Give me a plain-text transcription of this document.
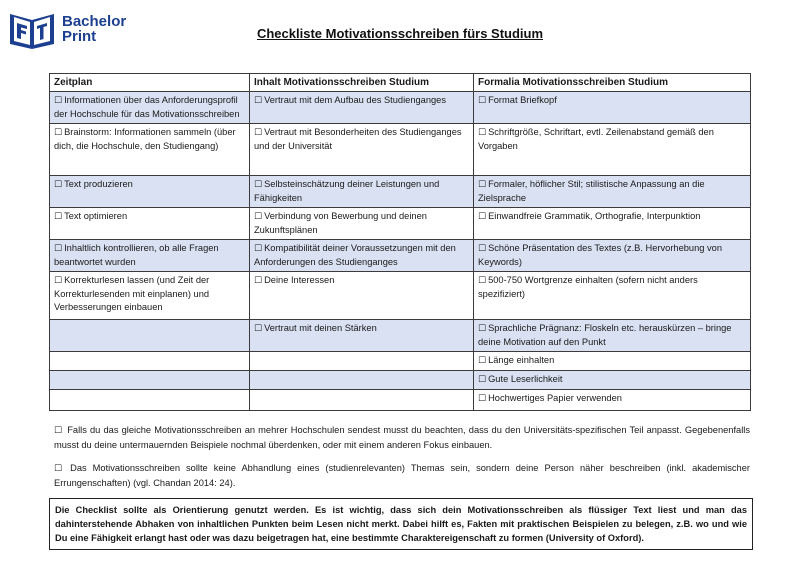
Bachelor
Print	Checkliste Motivationsschreiben fürs Studium
Zeitplan	Inhalt Motivationsschreiben Studium	Formalia Motivationsschreiben Studium
☐ Informationen über das Anforderungsprofil der Hochschule für das Motivationsschreiben	☐ Vertraut mit dem Aufbau des Studienganges	☐ Format Briefkopf
☐ Brainstorm: Informationen sammeln (über dich, die Hochschule, den Studiengang)	☐ Vertraut mit Besonderheiten des Studienganges und der Universität	☐ Schriftgröße, Schriftart, evtl. Zeilenabstand gemäß den Vorgaben
☐ Text produzieren	☐ Selbsteinschätzung deiner Leistungen und Fähigkeiten	☐ Formaler, höflicher Stil; stilistische Anpassung an die Zielsprache
☐ Text optimieren	☐ Verbindung von Bewerbung und deinen Zukunftsplänen	☐ Einwandfreie Grammatik, Orthografie, Interpunktion
☐ Inhaltlich kontrollieren, ob alle Fragen beantwortet wurden	☐ Kompatibilität deiner Voraussetzungen mit den Anforderungen des Studienganges	☐ Schöne Präsentation des Textes (z.B. Hervorhebung von Keywords)
☐ Korrekturlesen lassen (und Zeit der Korrekturlesenden mit einplanen) und Verbesserungen einbauen	☐ Deine Interessen	☐ 500-750 Wortgrenze einhalten (sofern nicht anders spezifiziert)
	☐ Vertraut mit deinen Stärken	☐ Sprachliche Prägnanz: Floskeln etc. herauskürzen – bringe deine Motivation auf den Punkt
		☐ Länge einhalten
		☐ Gute Leserlichkeit
		☐ Hochwertiges Papier verwenden
☐ Falls du das gleiche Motivationsschreiben an mehrer Hochschulen sendest musst du beachten, dass du den Universitäts-spezifischen Teil anpasst. Gegebenenfalls musst du deine untermauernden Beispiele nochmal überdenken, oder mit einem anderen Fokus einbauen.
☐ Das Motivationsschreiben sollte keine Abhandlung eines (studienrelevanten) Themas sein, sondern deine Person näher beschreiben (inkl. akademischer Errungenschaften) (vgl. Chandan 2014: 24).
Die Checklist sollte als Orientierung genutzt werden. Es ist wichtig, dass sich dein Motivationsschreiben als flüssiger Text liest und man das dahinterstehende Abhaken von inhaltlichen Punkten beim Lesen nicht merkt. Dabei hilft es, Fakten mit praktischen Beispielen zu belegen, z.B. wo und wie Du eine Fähigkeit erlangt hast oder was dazu beigetragen hat, eine bestimmte Charaktereigenschaft zu formen (University of Oxford).
